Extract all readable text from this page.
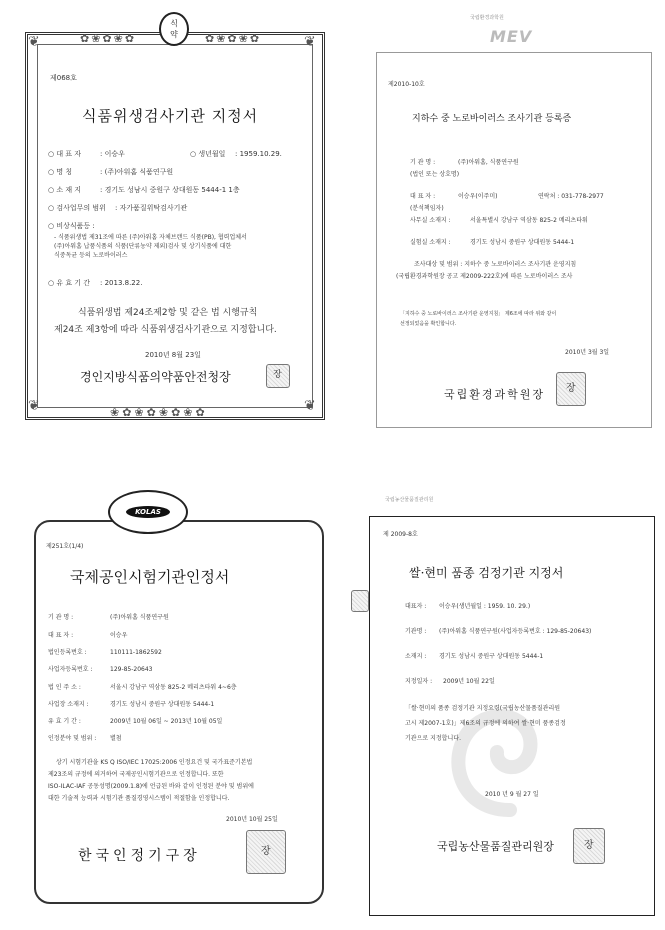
❦	❦
❦	❦
✿❀✿❀✿	✿❀✿❀✿
❀✿❀✿❀✿❀✿
식
약
제068호
식품위생검사기관 지정서
○ 대 표 자	: 이승우	○ 생년월일 : 1959.10.29.
○ 명 칭	: (주)아워홈 식품연구원
○ 소 재 지	: 경기도 성남시 중원구 상대원동 5444-1 1층
○ 검사업무의 범위 : 자가품질위탁검사기관
○ 비상식품등 :
- 식품위생법 제31조에 따른 (주)아워홈 자체브랜드 식품(PB), 협력업체서
(주)아워홈 납품식품의 식품(단류농약 제외)검사 및 상기식품에 대한
식중독균 등의 노로바이러스
○ 유 효 기 간 : 2013.8.22.
식품위생법 제24조제2항 및 같은 법 시행규칙
제24조 제3항에 따라 식품위생검사기관으로 지정합니다.
2010년 8월 23일
경인지방식품의약품안전청장	장
국립환경과학원
MEV
제2010-10호
지하수 중 노로바이러스 조사기관 등록증
기 관 명 :	(주)아워홈, 식품연구원
(법인 또는 상호명)
대 표 자 :	이승우(이주미)	연락처 : 031-778-2977
(분석책임자)
사무실 소재지 :	서울특별시 강남구 역삼동 825-2 메리츠타워
실험실 소재지 :	경기도 성남시 중원구 상대원동 5444-1
조사대상 및 범위 : 지하수 중 노로바이러스 조사기관 운영지침
(국립환경과학원장 공고 제2009-222호)에 따른 노로바이러스 조사
「지하수 중 노로바이러스 조사기관 운영지침」 제6조에 따라 위와 같이
선정되었음을 확인합니다.
2010년 3월 3일
국립환경과학원장 장
KOLAS
제251호(1/4)
국제공인시험기관인정서
기 관 명 :	(주)아워홈 식품연구원
대 표 자 :	이승우
법인등록번호 :	110111-1862592
사업자등록번호 :	129-85-20643
법 인 주 소 :	서울시 강남구 역삼동 825-2 메리츠타워 4~6층
사업장 소재지 :	경기도 성남시 중원구 상대원동 5444-1
유 효 기 간 :	2009년 10월 06일 ~ 2013년 10월 05일
인정분야 및 범위 : 별첨
상기 시험기관을 KS Q ISO/IEC 17025:2006 인정요건 및 국가표준기본법
제23조의 규정에 의거하여 국제공인시험기관으로 인정합니다. 또한
ISO-ILAC-IAF 공동성명(2009.1.8)에 언급된 바와 같이 인정된 분야 및 범위에
대한 기술적 능력과 시험기관 품질경영시스템이 적절함을 인정합니다.
2010년 10월 25일
한국인정기구장	장
국립농산물품질관리원
제 2009-8호
쌀·현미 품종 검정기관 지정서
대표자 : 이승우(생년월일 : 1959. 10. 29.)
기관명 : (주)아워홈 식품연구원(사업자등록번호 : 129-85-20643)
소재지 : 경기도 성남시 중원구 상대원동 5444-1
지정일자 : 2009년 10월 22일
「쌀·현미의 품종 검정기관 지정요령(국립농산물품질관리원
고시 제2007-1호)」제6조의 규정에 의하여 쌀·현미 품종검정
기관으로 지정합니다.
2010 년 9 월 27 일
국립농산물품질관리원장	장
